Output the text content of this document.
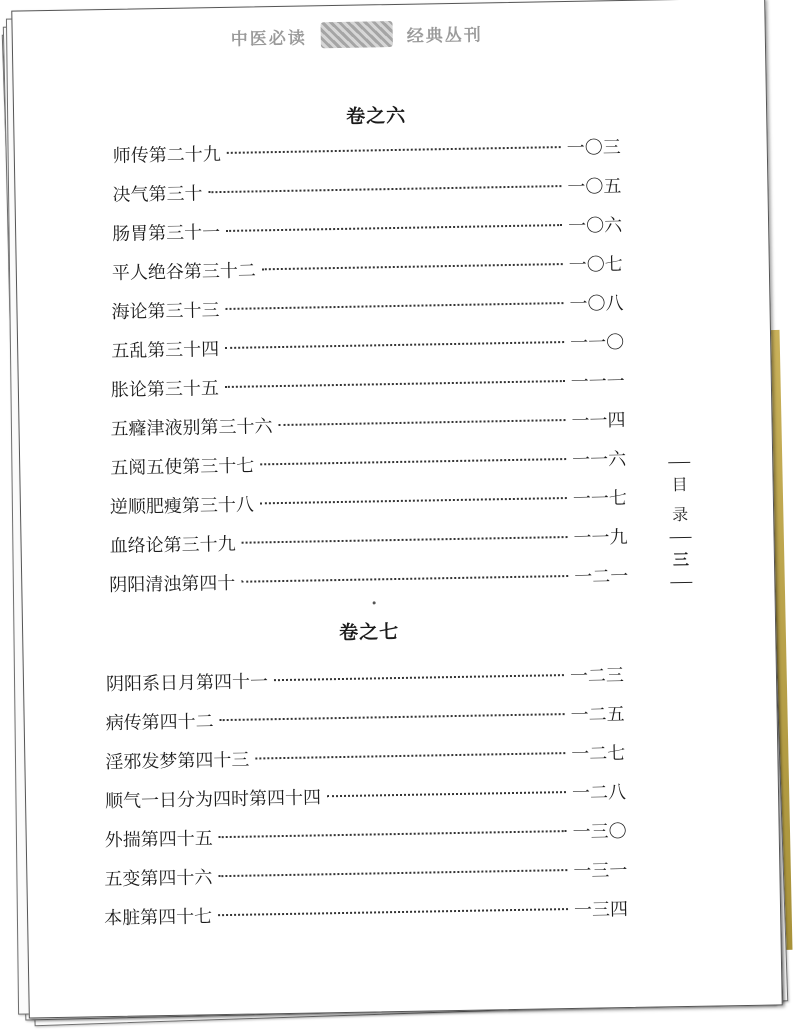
中医必读	经典丛刊
卷之六
师传第二十九	一〇三
决气第三十	一〇五
肠胃第三十一	一〇六
平人绝谷第三十二	一〇七
海论第三十三	一〇八
五乱第三十四	一一〇
胀论第三十五	一一一
五癃津液别第三十六	一一四
五阅五使第三十七	一一六
逆顺肥瘦第三十八	一一七
血络论第三十九	一一九
阴阳清浊第四十	一二一
卷之七
阴阳系日月第四十一	一二三
病传第四十二	一二五
淫邪发梦第四十三	一二七
顺气一日分为四时第四十四	一二八
外揣第四十五	一三〇
五变第四十六	一三一
本脏第四十七	一三四
目
录
三
